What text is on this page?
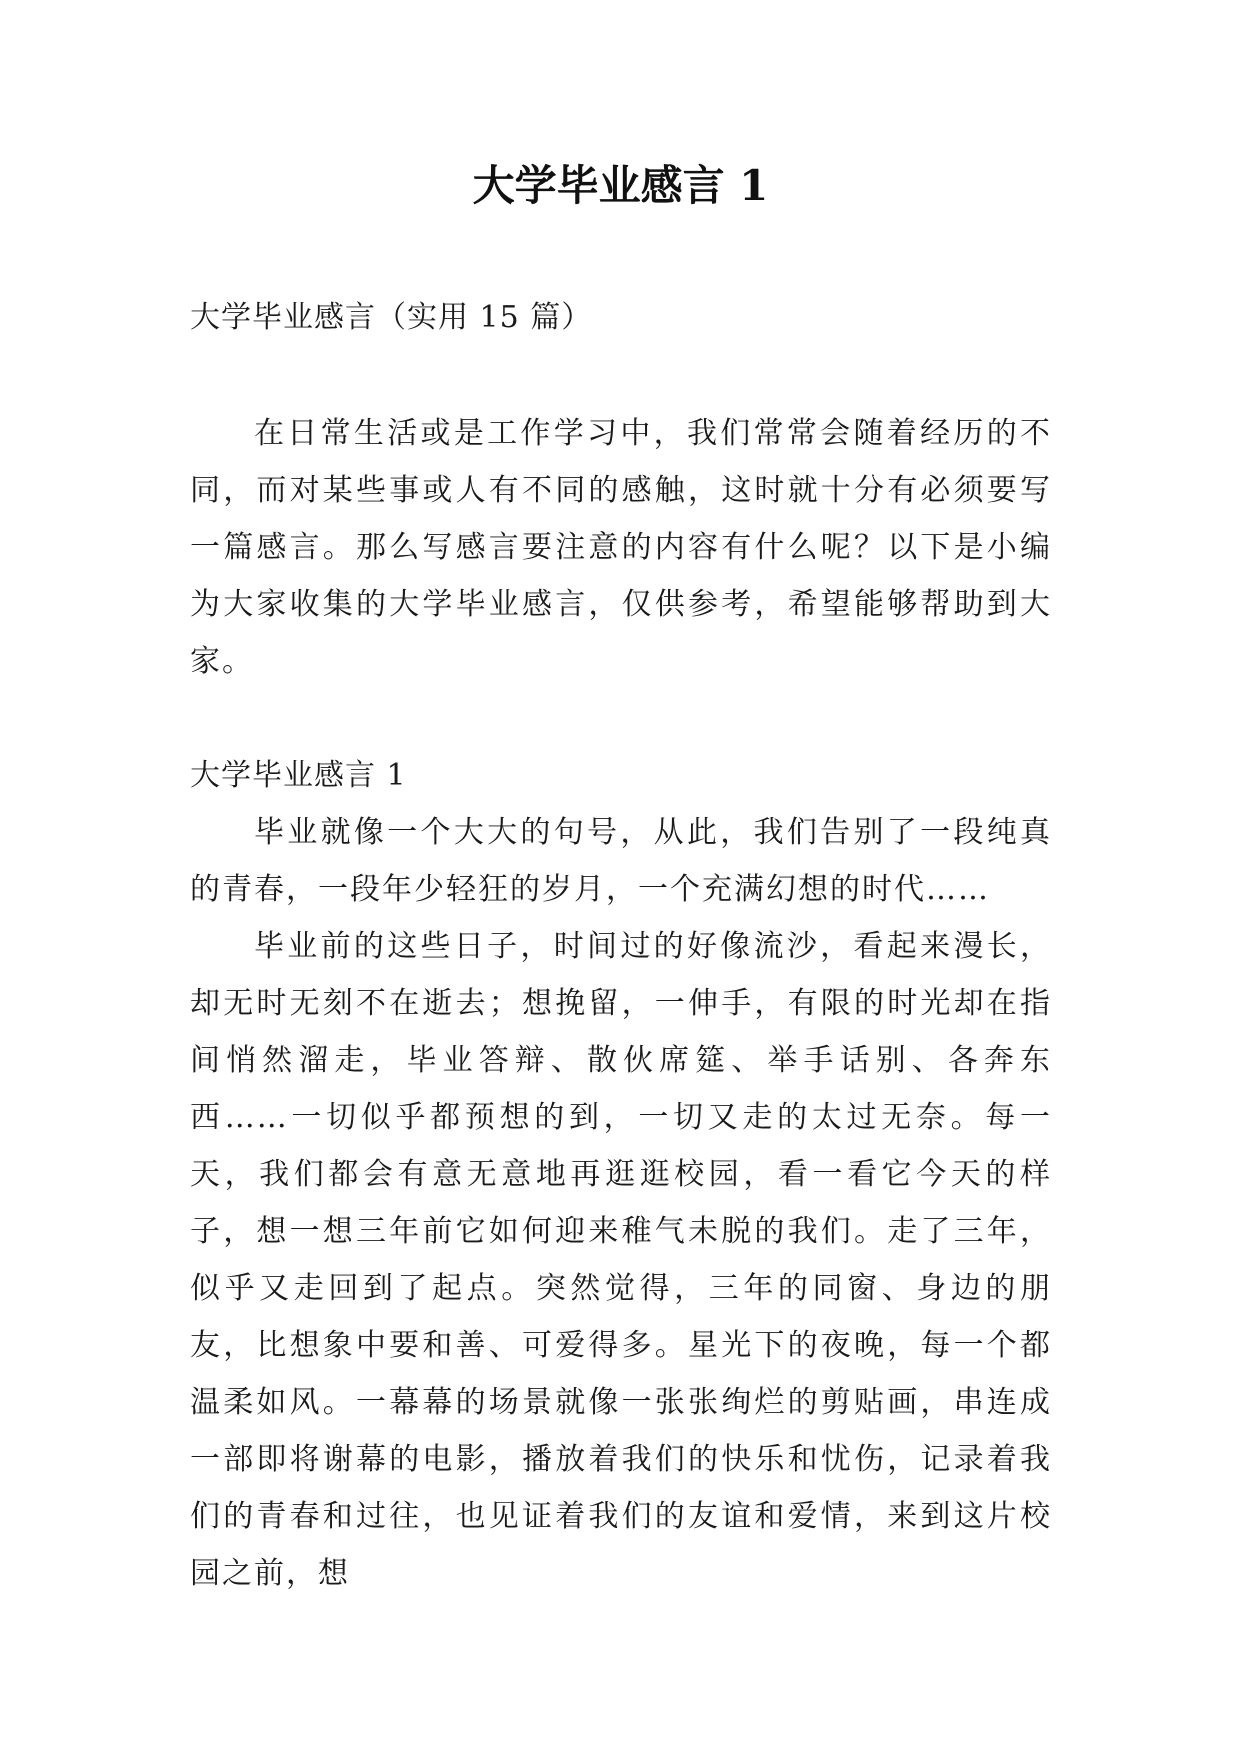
大学毕业感言 1

大学毕业感言（实用 15 篇）

在日常生活或是工作学习中，我们常常会随着经历的不同，而对某些事或人有不同的感触，这时就十分有必须要写一篇感言。那么写感言要注意的内容有什么呢？以下是小编为大家收集的大学毕业感言，仅供参考，希望能够帮助到大家。

大学毕业感言 1

毕业就像一个大大的句号，从此，我们告别了一段纯真的青春，一段年少轻狂的岁月，一个充满幻想的时代……

毕业前的这些日子，时间过的好像流沙，看起来漫长，却无时无刻不在逝去；想挽留，一伸手，有限的时光却在指间悄然溜走，毕业答辩、散伙席筵、举手话别、各奔东西……一切似乎都预想的到，一切又走的太过无奈。每一天，我们都会有意无意地再逛逛校园，看一看它今天的样子，想一想三年前它如何迎来稚气未脱的我们。走了三年，似乎又走回到了起点。突然觉得，三年的同窗、身边的朋友，比想象中要和善、可爱得多。星光下的夜晚，每一个都温柔如风。一幕幕的场景就像一张张绚烂的剪贴画，串连成一部即将谢幕的电影，播放着我们的快乐和忧伤，记录着我们的青春和过往，也见证着我们的友谊和爱情，来到这片校园之前，想
